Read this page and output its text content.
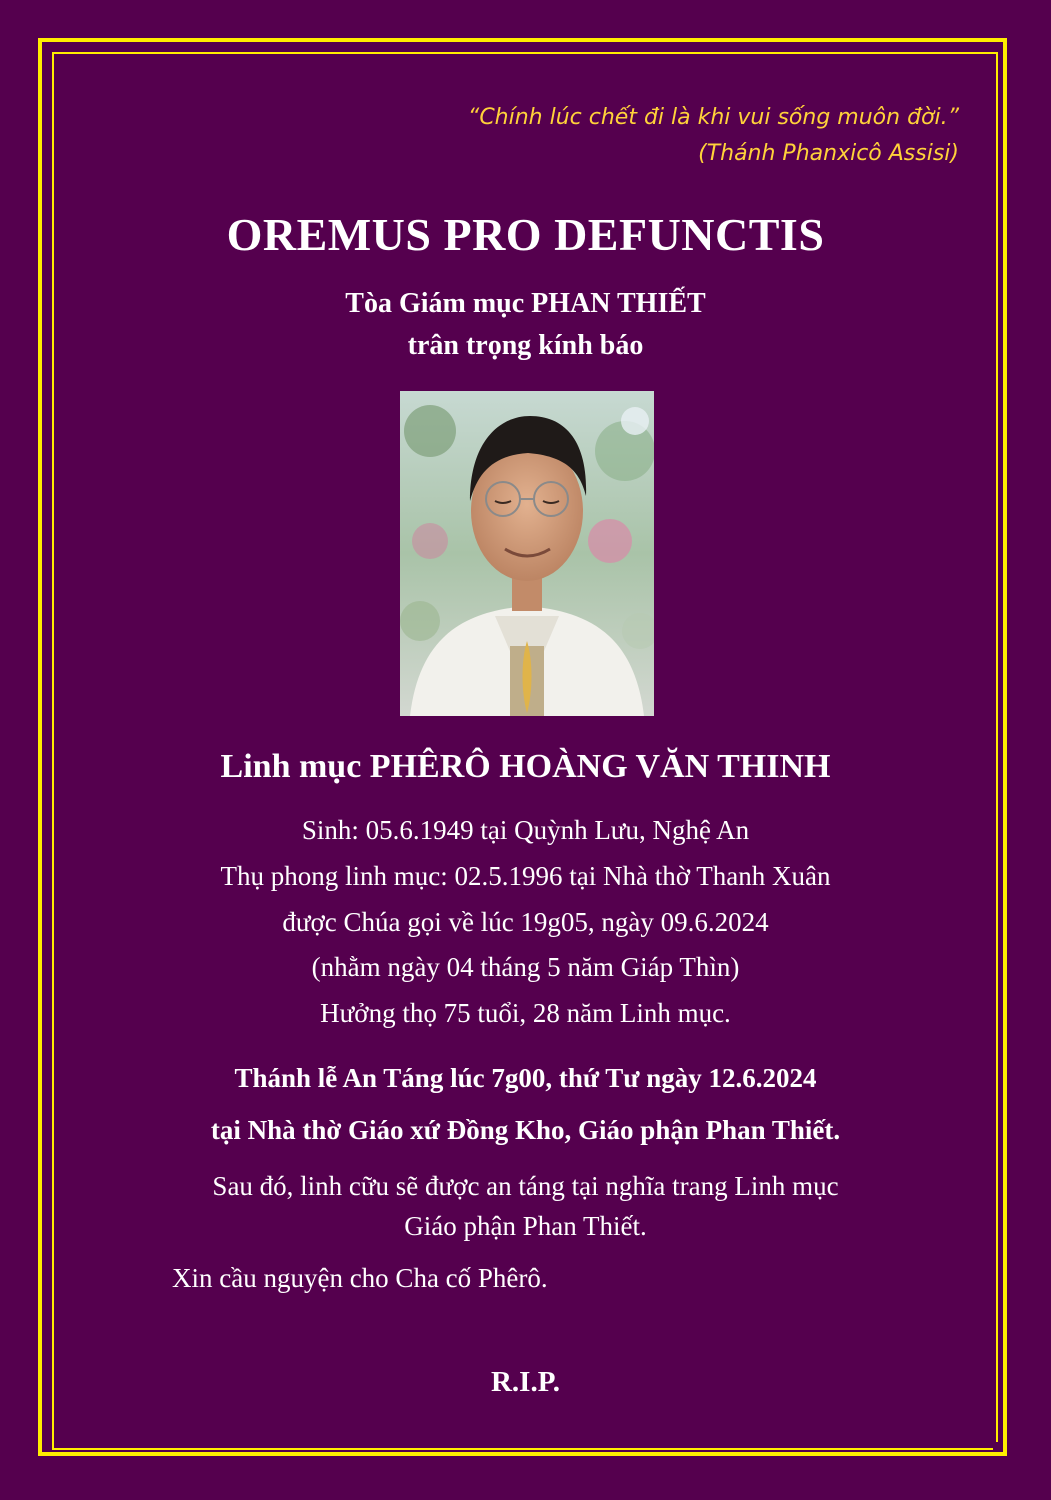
“Chính lúc chết đi là khi vui sống muôn đời.”
(Thánh Phanxicô Assisi)
OREMUS PRO DEFUNCTIS
Tòa Giám mục PHAN THIẾT
trân trọng kính báo
Linh mục PHÊRÔ HOÀNG VĂN THINH
Sinh: 05.6.1949 tại Quỳnh Lưu, Nghệ An
Thụ phong linh mục: 02.5.1996 tại Nhà thờ Thanh Xuân
được Chúa gọi về lúc 19g05, ngày 09.6.2024
(nhằm ngày 04 tháng 5 năm Giáp Thìn)
Hưởng thọ 75 tuổi, 28 năm Linh mục.
Thánh lễ An Táng lúc 7g00, thứ Tư ngày 12.6.2024
tại Nhà thờ Giáo xứ Đồng Kho, Giáo phận Phan Thiết.
Sau đó, linh cữu sẽ được an táng tại nghĩa trang Linh mục
Giáo phận Phan Thiết.
Xin cầu nguyện cho Cha cố Phêrô.
R.I.P.
